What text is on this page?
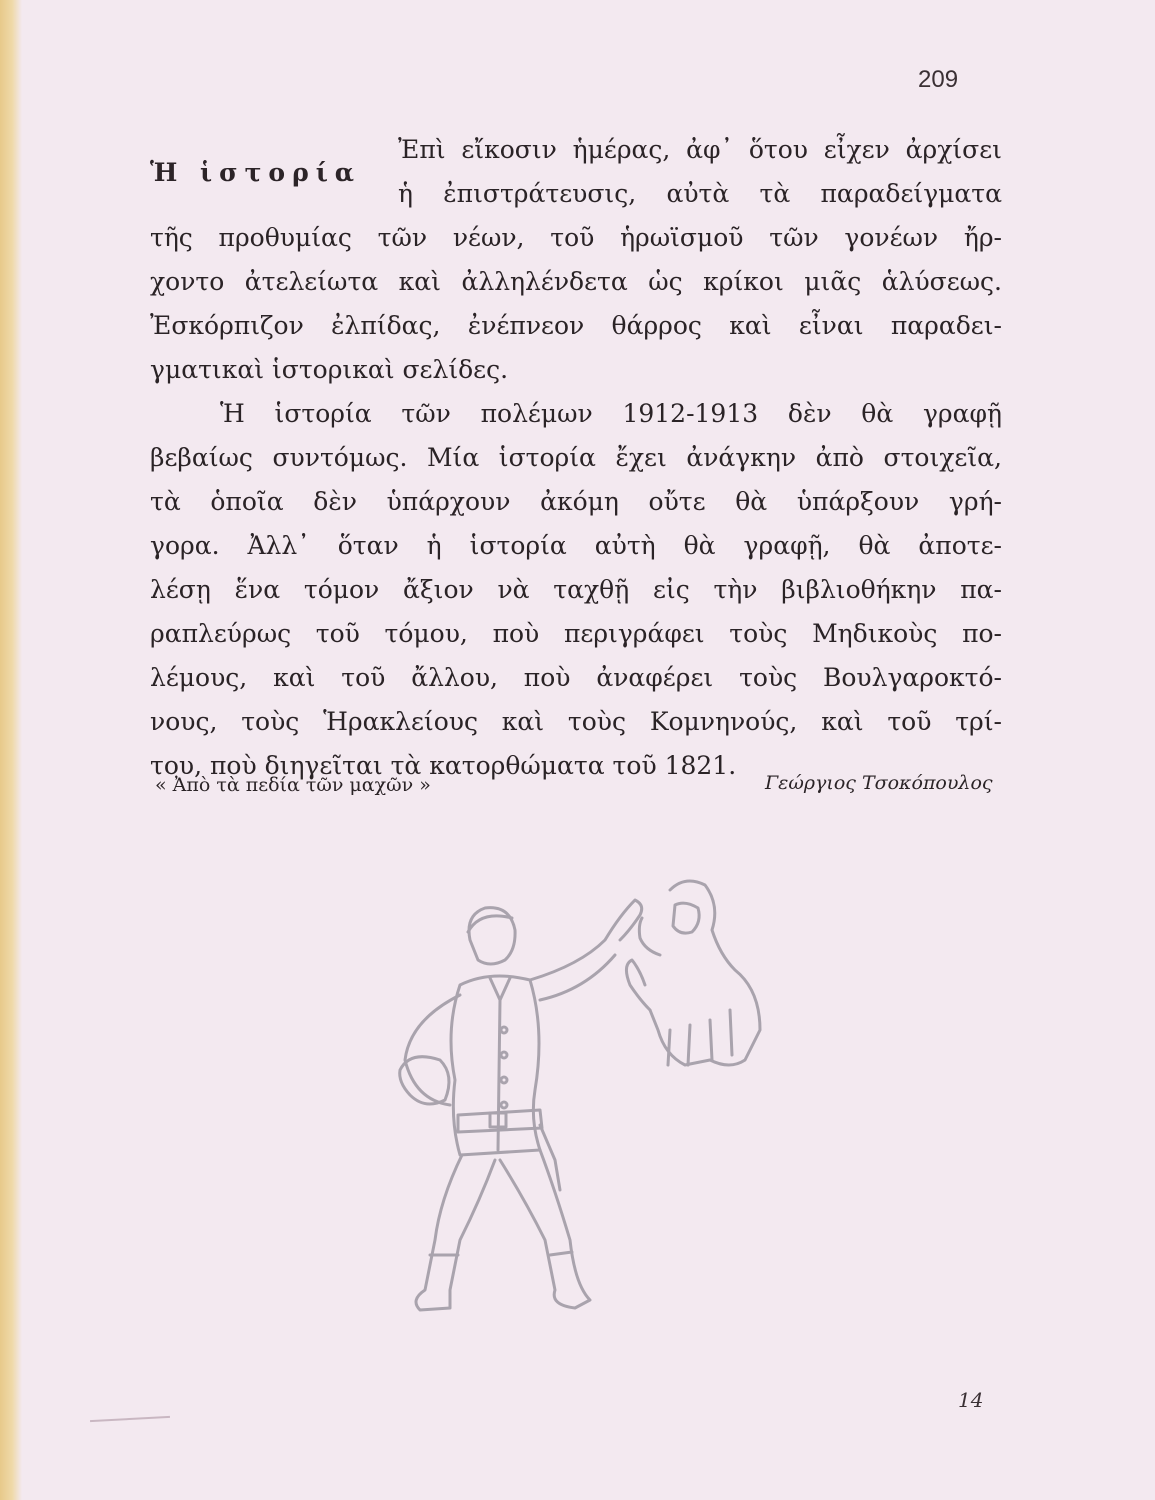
209
Ἡ ἱστορία
Ἐπὶ εἴκοσιν ἡμέρας, ἀφ᾽ ὅτου εἶχεν ἀρχίσει
ἡ ἐπιστράτευσις, αὐτὰ τὰ παραδείγματα
τῆς προθυμίας τῶν νέων, τοῦ ἡρωϊσμοῦ τῶν γονέων ἤρ-
χοντο ἀτελείωτα καὶ ἀλληλένδετα ὡς κρίκοι μιᾶς ἁλύσεως.
Ἐσκόρπιζον ἐλπίδας, ἐνέπνεον θάρρος καὶ εἶναι παραδει-
γματικαὶ ἱστορικαὶ σελίδες.
Ἡ ἱστορία τῶν πολέμων 1912-1913 δὲν θὰ γραφῇ
βεβαίως συντόμως. Μία ἱστορία ἔχει ἀνάγκην ἀπὸ στοιχεῖα,
τὰ ὁποῖα δὲν ὑπάρχουν ἀκόμη οὔτε θὰ ὑπάρξουν γρή-
γορα. Ἀλλ᾽ ὅταν ἡ ἱστορία αὐτὴ θὰ γραφῇ, θὰ ἀποτε-
λέσῃ ἕνα τόμον ἄξιον νὰ ταχθῇ εἰς τὴν βιβλιοθήκην πα-
ραπλεύρως τοῦ τόμου, ποὺ περιγράφει τοὺς Μηδικοὺς πο-
λέμους, καὶ τοῦ ἄλλου, ποὺ ἀναφέρει τοὺς Βουλγαροκτό-
νους, τοὺς Ἡρακλείους καὶ τοὺς Κομνηνούς, καὶ τοῦ τρί-
του, ποὺ διηγεῖται τὰ κατορθώματα τοῦ 1821.
« Ἀπὸ τὰ πεδία τῶν μαχῶν »	Γεώργιος Τσοκόπουλος
14
